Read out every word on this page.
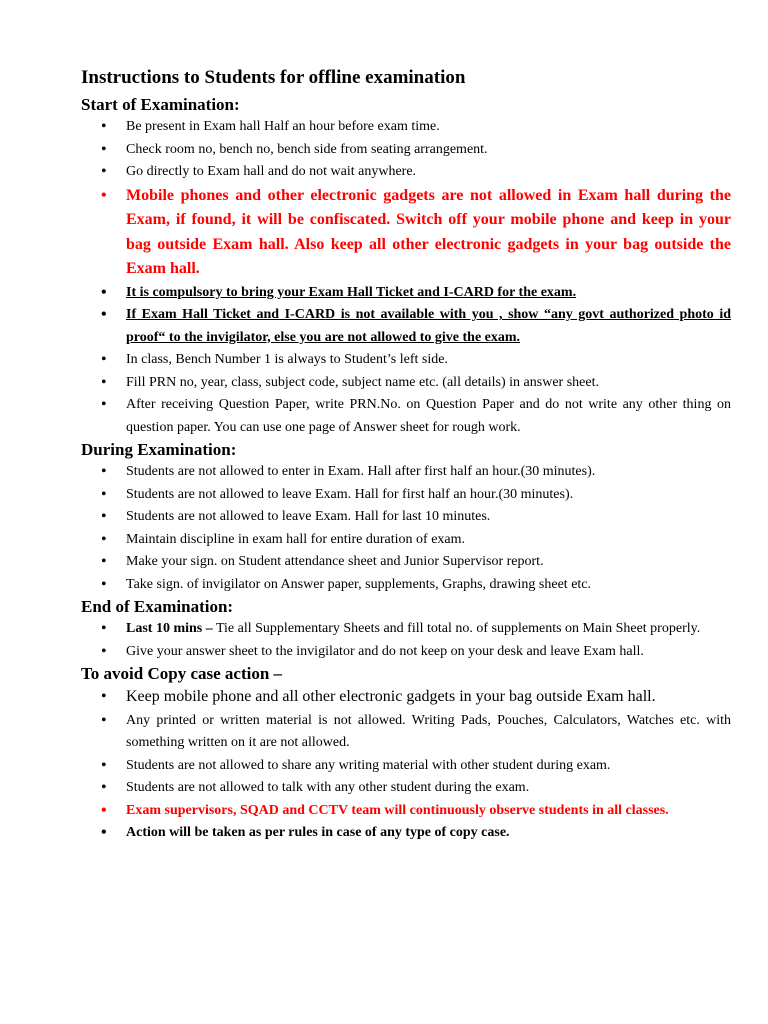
Instructions to Students for offline examination
Start of Examination:
• Be present in Exam hall Half an hour before exam time.
• Check room no, bench no, bench side from seating arrangement.
• Go directly to Exam hall and do not wait anywhere.
• Mobile phones and other electronic gadgets are not allowed in Exam hall during the Exam, if found, it will be confiscated. Switch off your mobile phone and keep in your bag outside Exam hall. Also keep all other electronic gadgets in your bag outside the Exam hall.
• It is compulsory to bring your Exam Hall Ticket and I-CARD for the exam.
• If Exam Hall Ticket and I-CARD is not available with you , show “any govt authorized photo id proof“ to the invigilator, else you are not allowed to give the exam.
• In class, Bench Number 1 is always to Student’s left side.
• Fill PRN no, year, class, subject code, subject name etc. (all details) in answer sheet.
• After receiving Question Paper, write PRN.No. on Question Paper and do not write any other thing on question paper. You can use one page of Answer sheet for rough work.
During Examination:
• Students are not allowed to enter in Exam. Hall after first half an hour.(30 minutes).
• Students are not allowed to leave Exam. Hall for first half an hour.(30 minutes).
• Students are not allowed to leave Exam. Hall for last 10 minutes.
• Maintain discipline in exam hall for entire duration of exam.
• Make your sign. on Student attendance sheet and Junior Supervisor report.
• Take sign. of invigilator on Answer paper, supplements, Graphs, drawing sheet etc.
End of Examination:
• Last 10 mins – Tie all Supplementary Sheets and fill total no. of supplements on Main Sheet properly.
• Give your answer sheet to the invigilator and do not keep on your desk and leave Exam hall.
To avoid Copy case action –
• Keep mobile phone and all other electronic gadgets in your bag outside Exam hall.
• Any printed or written material is not allowed. Writing Pads, Pouches, Calculators, Watches etc. with something written on it are not allowed.
• Students are not allowed to share any writing material with other student during exam.
• Students are not allowed to talk with any other student during the exam.
• Exam supervisors, SQAD and CCTV team will continuously observe students in all classes.
• Action will be taken as per rules in case of any type of copy case.
